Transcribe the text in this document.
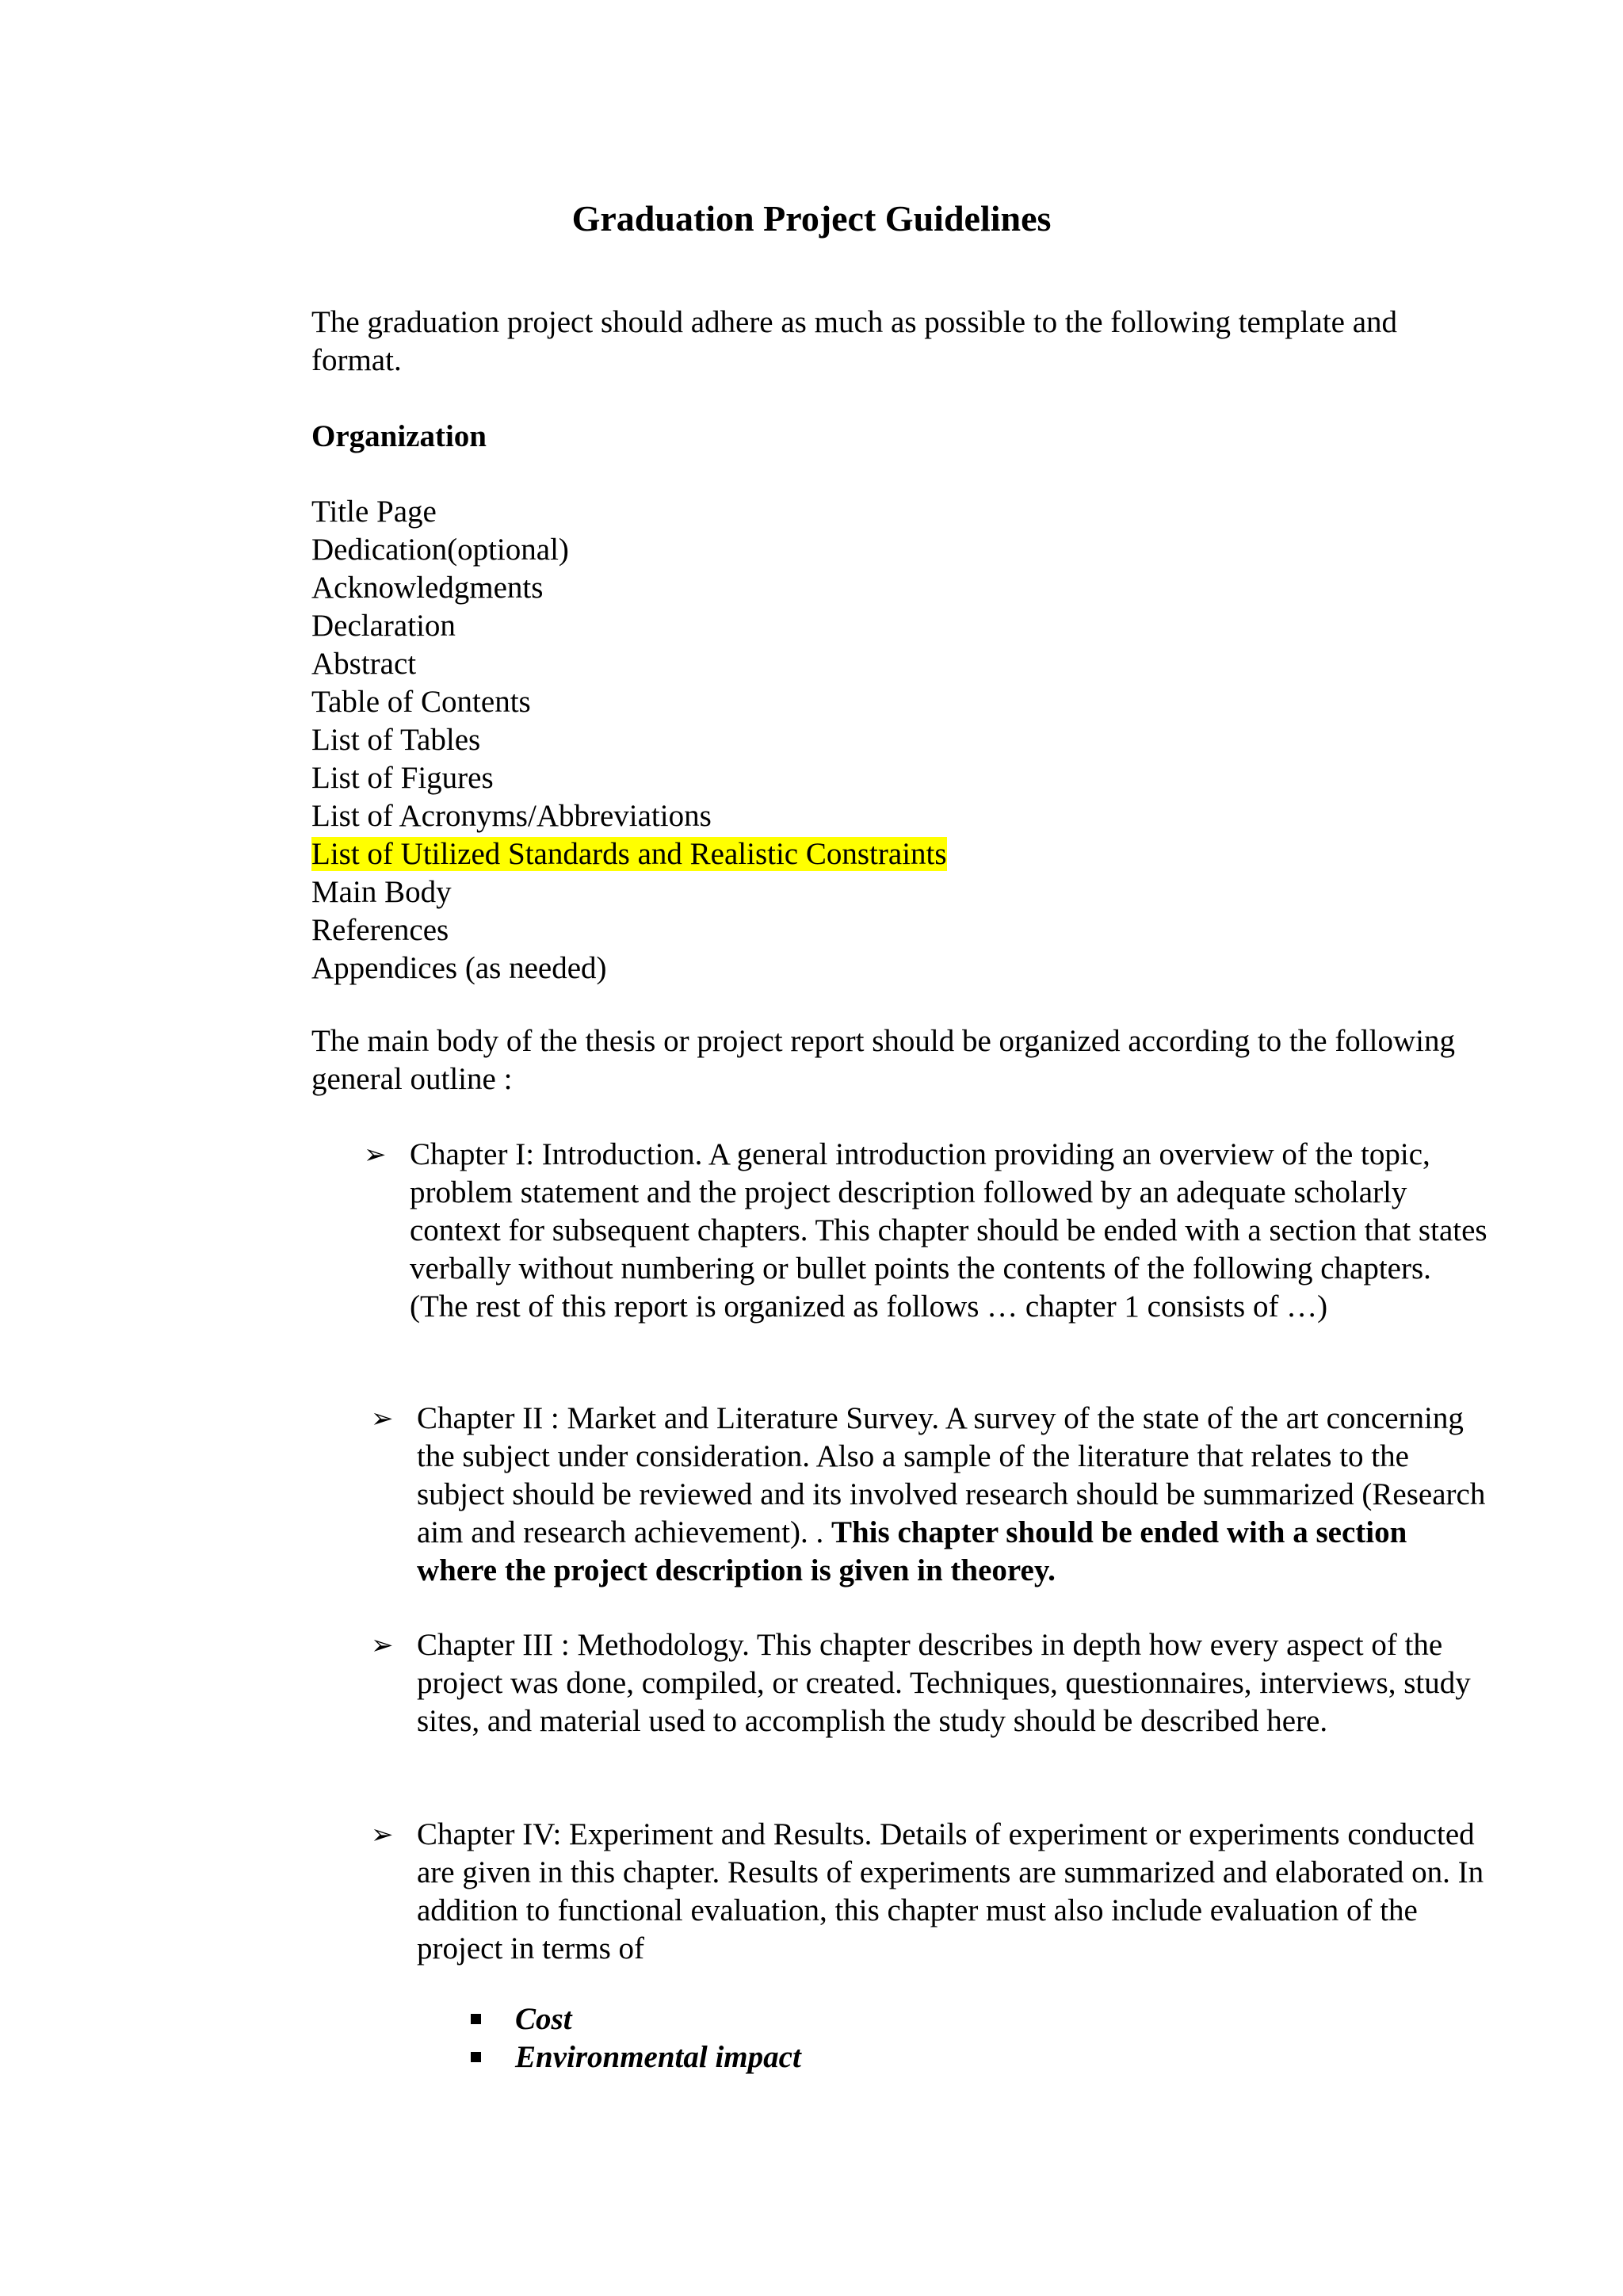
Graduation Project Guidelines

The graduation project should adhere as much as possible to the following template and format.

Organization

Title Page
Dedication(optional)
Acknowledgments
Declaration
Abstract
Table of Contents
List of Tables
List of Figures
List of Acronyms/Abbreviations
List of Utilized Standards and Realistic Constraints
Main Body
References
Appendices (as needed)

The main body of the thesis or project report should be organized according to the following general outline :

➢ Chapter I: Introduction. A general introduction providing an overview of the topic, problem statement and the project description followed by an adequate scholarly context for subsequent chapters. This chapter should be ended with a section that states verbally without numbering or bullet points the contents of the following chapters. (The rest of this report is organized as follows … chapter 1 consists of …)

➢ Chapter II : Market and Literature Survey. A survey of the state of the art concerning the subject under consideration. Also a sample of the literature that relates to the subject should be reviewed and its involved research should be summarized (Research aim and research achievement). . This chapter should be ended with a section where the project description is given in theorey.

➢ Chapter III : Methodology. This chapter describes in depth how every aspect of the project was done, compiled, or created. Techniques, questionnaires, interviews, study sites, and material used to accomplish the study should be described here.

➢ Chapter IV: Experiment and Results. Details of experiment or experiments conducted are given in this chapter. Results of experiments are summarized and elaborated on. In addition to functional evaluation, this chapter must also include evaluation of the project in terms of

Cost
Environmental impact
